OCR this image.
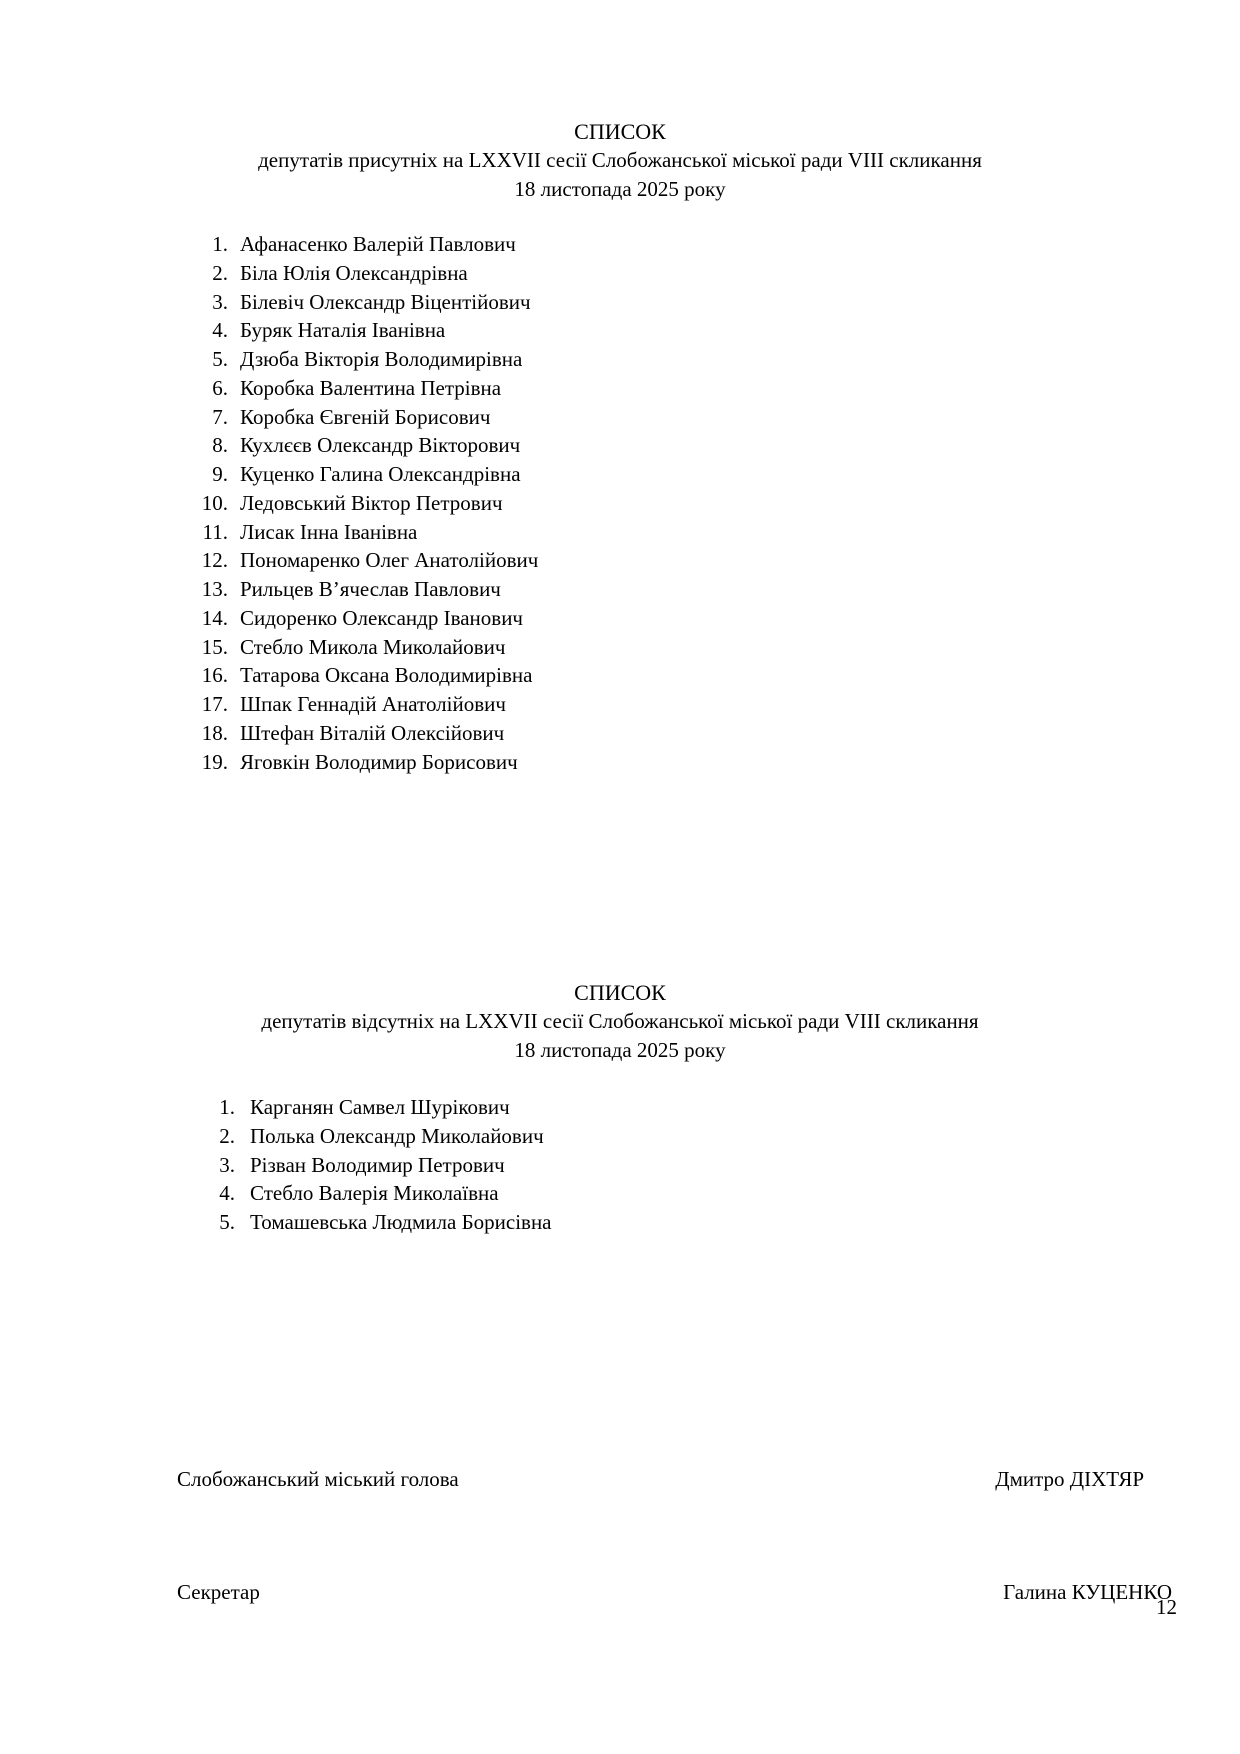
СПИСОК
депутатів присутніх на LXXVІІ сесії Слобожанської міської ради VIII скликання
18 листопада 2025 року
1. Афанасенко Валерій Павлович
2. Біла Юлія Олександрівна
3. Білевіч Олександр Віцентійович
4. Буряк Наталія Іванівна
5. Дзюба Вікторія Володимирівна
6. Коробка Валентина Петрівна
7. Коробка Євгеній Борисович
8. Кухлєєв Олександр Вікторович
9. Куценко Галина Олександрівна
10. Ледовський Віктор Петрович
11. Лисак Інна Іванівна
12. Пономаренко Олег Анатолійович
13. Рильцев В’ячеслав Павлович
14. Сидоренко Олександр Іванович
15. Стебло Микола Миколайович
16. Татарова Оксана Володимирівна
17. Шпак Геннадій Анатолійович
18. Штефан Віталій Олексійович
19. Яговкін Володимир Борисович
СПИСОК
депутатів відсутніх на LXXVІІ сесії Слобожанської міської ради VIII скликання
18 листопада 2025 року
1. Карганян Самвел Шурікович
2. Полька Олександр Миколайович
3. Різван Володимир Петрович
4. Стебло Валерія Миколаївна
5. Томашевська Людмила Борисівна
Слобожанський міський голова	Дмитро ДІХТЯР
Секретар	Галина КУЦЕНКО
12
